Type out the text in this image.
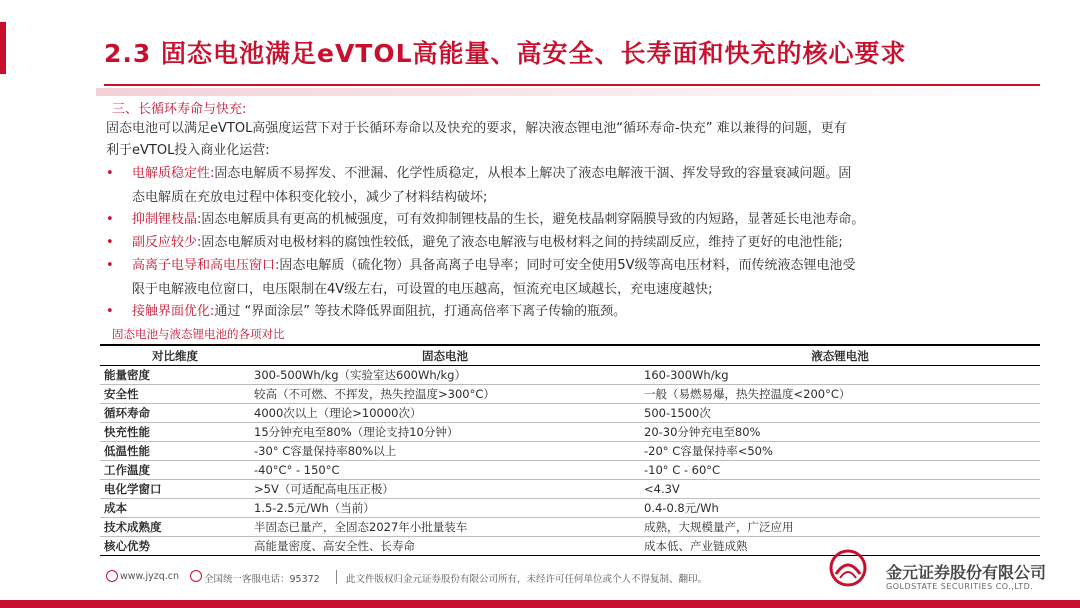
2.3 固态电池满足eVTOL高能量、高安全、长寿面和快充的核心要求
三、长循环寿命与快充:
固态电池可以满足eVTOL高强度运营下对于长循环寿命以及快充的要求，解决液态锂电池“循环寿命-快充” 难以兼得的问题，更有
利于eVTOL投入商业化运营:
• 电解质稳定性:固态电解质不易挥发、不泄漏、化学性质稳定，从根本上解决了液态电解液干涸、挥发导致的容量衰减问题。固
态电解质在充放电过程中体积变化较小，减少了材料结构破坏;
• 抑制锂枝晶:固态电解质具有更高的机械强度，可有效抑制锂枝晶的生长，避免枝晶刺穿隔膜导致的内短路，显著延长电池寿命。
• 副反应较少:固态电解质对电极材料的腐蚀性较低，避免了液态电解液与电极材料之间的持续副反应，维持了更好的电池性能;
• 高离子电导和高电压窗口:固态电解质（硫化物）具备高离子电导率；同时可安全使用5V级等高电压材料，而传统液态锂电池受
限于电解液电位窗口，电压限制在4V级左右，可设置的电压越高，恒流充电区域越长，充电速度越快;
• 接触界面优化:通过 “界面涂层” 等技术降低界面阻抗，打通高倍率下离子传输的瓶颈。
固态电池与液态锂电池的各项对比
对比维度	固态电池	液态锂电池
能量密度	300-500Wh/kg（实验室达600Wh/kg）	160-300Wh/kg
安全性	较高（不可燃、不挥发，热失控温度>300°C）	一般（易燃易爆，热失控温度<200°C）
循环寿命	4000次以上（理论>10000次）	500-1500次
快充性能	15分钟充电至80%（理论支持10分钟）	20-30分钟充电至80%
低温性能	-30° C容量保持率80%以上	-20° C容量保持率<50%
工作温度	-40°C° - 150°C	-10° C - 60°C
电化学窗口	>5V（可适配高电压正极）	<4.3V
成本	1.5-2.5元/Wh（当前）	0.4-0.8元/Wh
技术成熟度	半固态已量产，全固态2027年小批量装车	成熟，大规模量产，广泛应用
核心优势	高能量密度、高安全性、长寿命	成本低、产业链成熟
www.jyzq.cn	全国统一客服电话：95372	此文件版权归金元证券股份有限公司所有，未经许可任何单位或个人不得复制、翻印。	金元证券股份有限公司
GOLDSTATE SECURITIES CO.,LTD.
